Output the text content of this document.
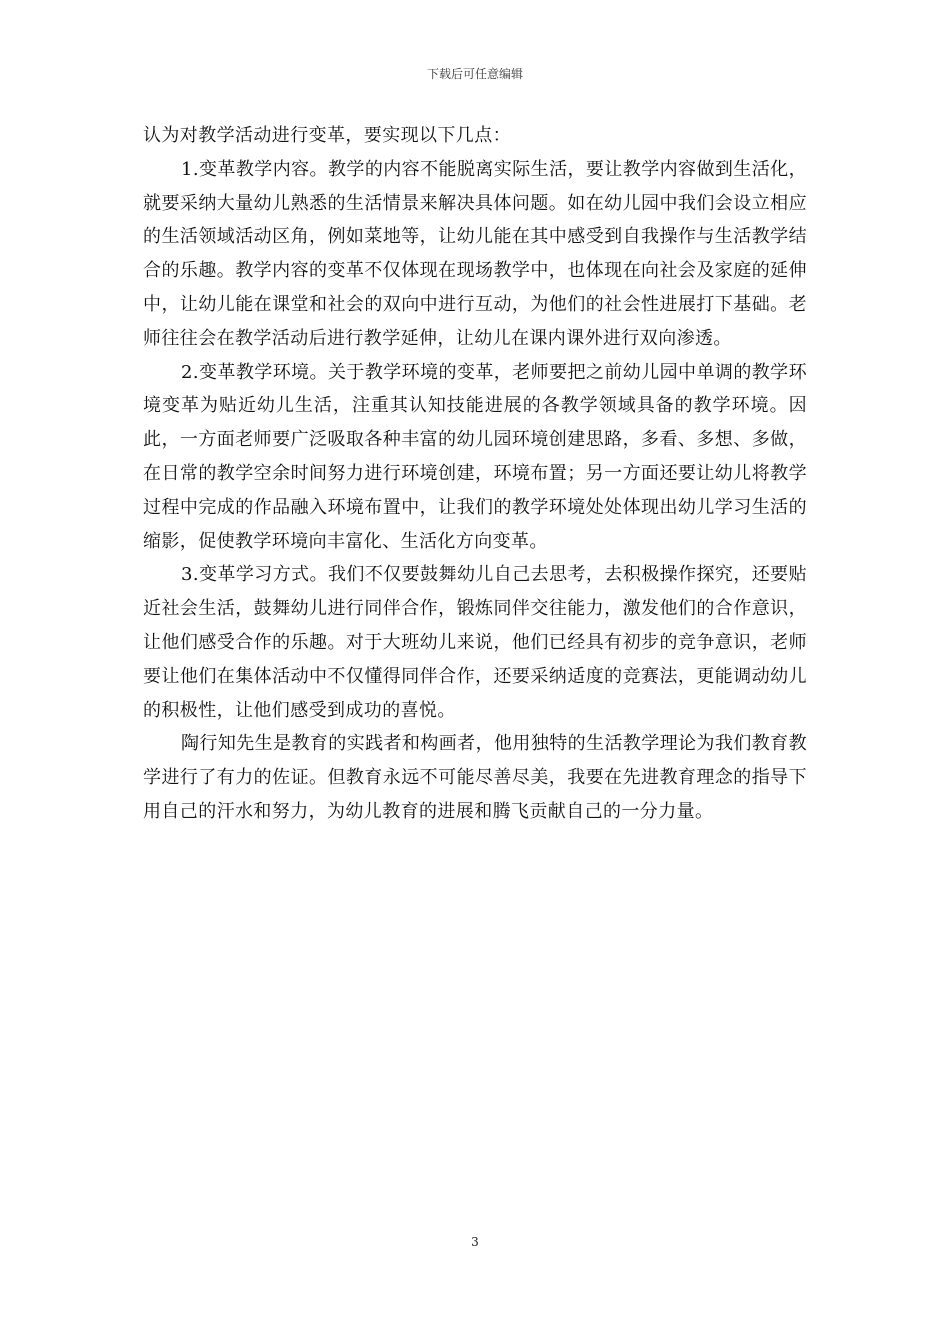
下载后可任意编辑

认为对教学活动进行变革，要实现以下几点：

1.变革教学内容。教学的内容不能脱离实际生活，要让教学内容做到生活化，就要采纳大量幼儿熟悉的生活情景来解决具体问题。如在幼儿园中我们会设立相应的生活领域活动区角，例如菜地等，让幼儿能在其中感受到自我操作与生活教学结合的乐趣。教学内容的变革不仅体现在现场教学中，也体现在向社会及家庭的延伸中，让幼儿能在课堂和社会的双向中进行互动，为他们的社会性进展打下基础。老师往往会在教学活动后进行教学延伸，让幼儿在课内课外进行双向渗透。

2.变革教学环境。关于教学环境的变革，老师要把之前幼儿园中单调的教学环境变革为贴近幼儿生活，注重其认知技能进展的各教学领域具备的教学环境。因此，一方面老师要广泛吸取各种丰富的幼儿园环境创建思路，多看、多想、多做，在日常的教学空余时间努力进行环境创建，环境布置；另一方面还要让幼儿将教学过程中完成的作品融入环境布置中，让我们的教学环境处处体现出幼儿学习生活的缩影，促使教学环境向丰富化、生活化方向变革。

3.变革学习方式。我们不仅要鼓舞幼儿自己去思考，去积极操作探究，还要贴近社会生活，鼓舞幼儿进行同伴合作，锻炼同伴交往能力，激发他们的合作意识，让他们感受合作的乐趣。对于大班幼儿来说，他们已经具有初步的竞争意识，老师要让他们在集体活动中不仅懂得同伴合作，还要采纳适度的竞赛法，更能调动幼儿的积极性，让他们感受到成功的喜悦。

陶行知先生是教育的实践者和构画者，他用独特的生活教学理论为我们教育教学进行了有力的佐证。但教育永远不可能尽善尽美，我要在先进教育理念的指导下用自己的汗水和努力，为幼儿教育的进展和腾飞贡献自己的一分力量。

3
